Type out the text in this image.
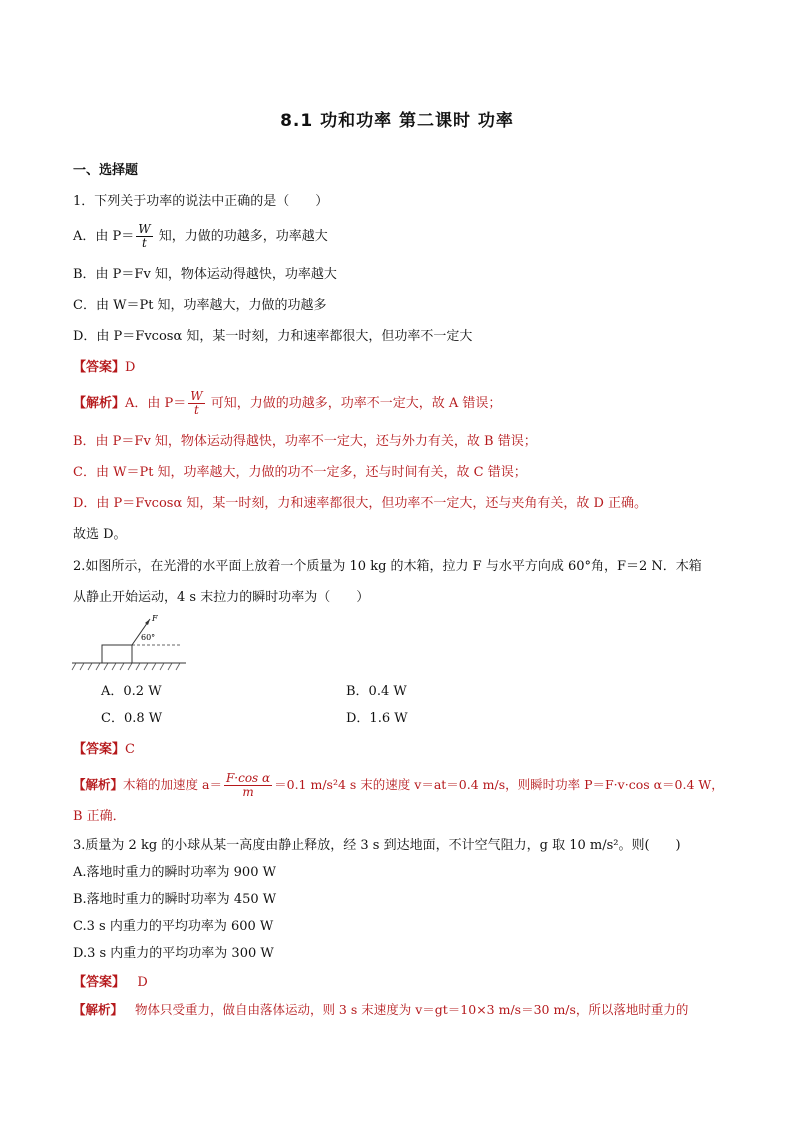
8.1 功和功率 第二课时 功率
一、选择题
1．下列关于功率的说法中正确的是（　　）
A．由 $P= \frac{W}{t}$ 知，力做的功越多，功率越大
B．由 P＝Fv 知，物体运动得越快，功率越大
C．由 W＝Pt 知，功率越大，力做的功越多
D．由 P＝Fvcosα 知，某一时刻，力和速率都很大，但功率不一定大
【答案】D
【解析】A．由 $P= \frac{W}{t}$ 可知，力做的功越多，功率不一定大，故 A 错误；
B．由 P＝Fv 知，物体运动得越快，功率不一定大，还与外力有关，故 B 错误；
C．由 W＝Pt 知，功率越大，力做的功不一定多，还与时间有关，故 C 错误；
D．由 P＝Fvcosα 知，某一时刻，力和速率都很大，但功率不一定大，还与夹角有关，故 D 正确。
故选 D。
2.如图所示，在光滑的水平面上放着一个质量为 10 kg 的木箱，拉力 F 与水平方向成 60°角，F＝2 N．木箱
从静止开始运动，4 s 末拉力的瞬时功率为（　　）
F
60°
A．0.2 W	B．0.4 W
C．0.8 W	D．1.6 W
【答案】C
【解析】木箱的加速度 $a= \frac{\text{F·cos α}}{m} =0.1$ m/s²4 s 末的速度 v＝at＝0.4 m/s，则瞬时功率 P＝F·v·cos α＝0.4 W，
B 正确．
3.质量为 2 kg 的小球从某一高度由静止释放，经 3 s 到达地面，不计空气阻力，g 取 10 m/s²。则(　　)
A.落地时重力的瞬时功率为 900 W
B.落地时重力的瞬时功率为 450 W
C.3 s 内重力的平均功率为 600 W
D.3 s 内重力的平均功率为 300 W
【答案】 D
【解析】 物体只受重力，做自由落体运动，则 3 s 末速度为 v＝gt＝10×3 m/s＝30 m/s，所以落地时重力的
